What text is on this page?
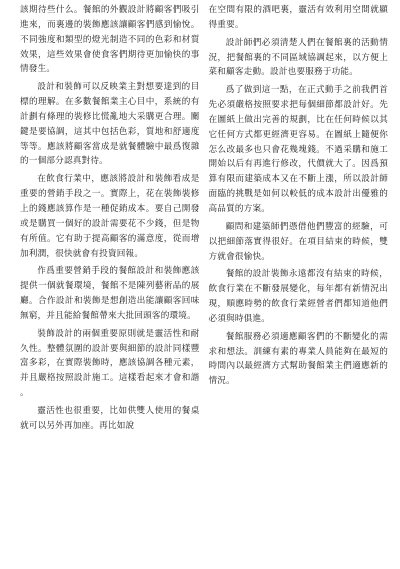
該期待些什么。餐館的外觀設計將顧客們吸引進來，而裏邊的裝飾應該讓顧客們感到愉悅。不同強度和類型的燈光制造不同的色彩和材質效果，這些效果會使食客們期待更加愉快的事情發生。

設計和裝飾可以反映業主對想要達到的目標的理解。在多數餐館業主心目中，系統的有計劃有條理的裝修比慌亂地大采購更合理。關鍵是要協調，這其中包括色彩，質地和舒適度等等。應該將顧客當成是就餐體驗中最爲復雜的一個部分認真對待。

在飲食行業中，應該將設計和裝飾看成是重要的營銷手段之一。實際上，花在裝飾裝修上的錢應該算作是一種促銷成本。要自己開發或是購買一個好的設計需要花不少錢，但是物有所值。它有助于提高顧客的滿意度，從而增加利潤，很快就會有投資回報。

作爲重要營銷手段的餐館設計和裝飾應該提供一個就餐環境，餐館不是陳列藝術品的展廳。合作設計和裝飾是想創造出能讓顧客回味無窮，并且能給餐館帶來大批回頭客的環境。

裝飾設計的兩個重要原則就是靈活性和耐久性。整體氛圍的設計要與細節的設計同樣豐富多彩，在實際裝飾時，應該協調各種元素，并且嚴格按照設計施工。這樣看起來才會和諧。

靈活性也很重要，比如供雙人使用的餐桌就可以另外再加座。再比如說

在空間有限的酒吧裏，靈活有效利用空間就顯得重要。

設計師們必須清楚人們在餐館裏的活動情況，把餐館裏的不同區域協調起來，以方便上菜和顧客走動。設計也要服務于功能。

爲了做到這一點，在正式動手之前我們首先必須嚴格按照要求把每個細節都設計好。先在圖紙上做出完善的規劃，比在任何時候以其它任何方式都更經濟更容易。在圖紙上隨便你怎么改最多也只會花幾塊錢。不過采購和施工開始以后有再進行修改，代價就大了。因爲預算有限而建築成本又在不斷上漲，所以設計師面臨的挑戰是如何以較低的成本設計出優雅的高品質的方案。

顧問和建築師們憑借他們豐富的經驗，可以把細節落實得很好。在項目結束的時候，雙方就會很愉快。

餐館的設計裝飾永遠都沒有結束的時候，飲食行業在不斷發展變化，每年都有新情況出現，順應時勢的飲食行業經營者們都知道他們必須與時俱進。

餐館服務必須適應顧客們的不斷變化的需求和想法。訓練有素的專業人員能夠在最短的時間內以最經濟方式幫助餐館業主們適應新的情況。
